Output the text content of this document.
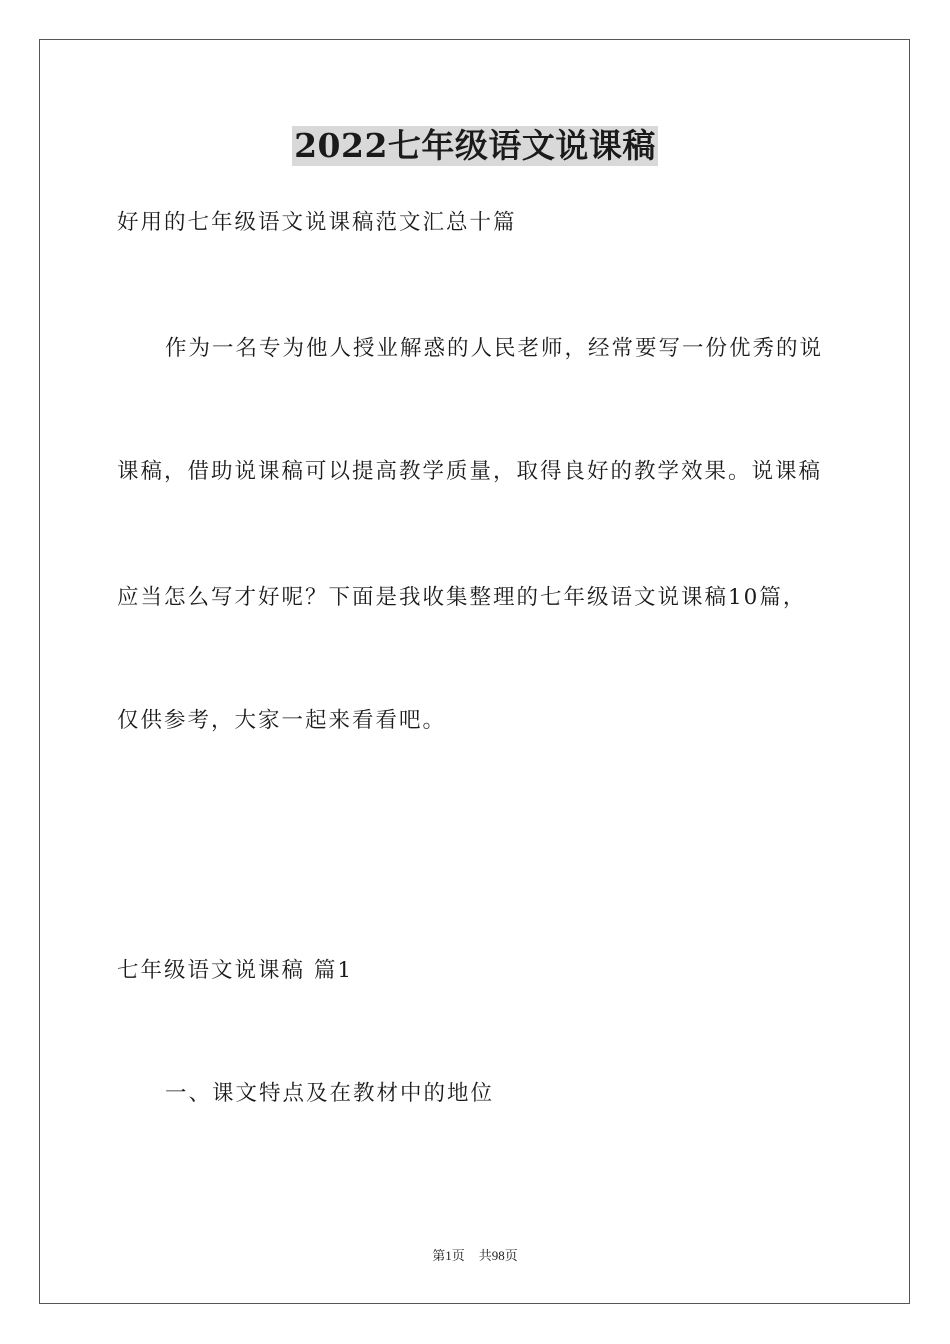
2022七年级语文说课稿
好用的七年级语文说课稿范文汇总十篇
作为一名专为他人授业解惑的人民老师，经常要写一份优秀的说
课稿，借助说课稿可以提高教学质量，取得良好的教学效果。说课稿
应当怎么写才好呢？下面是我收集整理的七年级语文说课稿10篇，
仅供参考，大家一起来看看吧。
七年级语文说课稿 篇1
一、课文特点及在教材中的地位
第1页 共98页
